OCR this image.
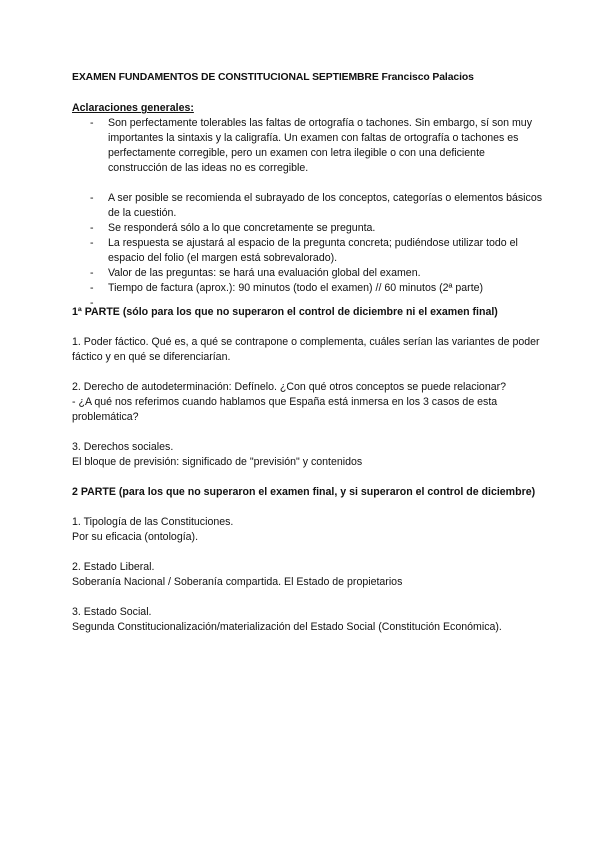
EXAMEN FUNDAMENTOS DE CONSTITUCIONAL SEPTIEMBRE Francisco Palacios

Aclaraciones generales:

- Son perfectamente tolerables las faltas de ortografía o tachones. Sin embargo, sí son muy importantes la sintaxis y la caligrafía. Un examen con faltas de ortografía o tachones es perfectamente corregible, pero un examen con letra ilegible o con una deficiente construcción de las ideas no es corregible.
- A ser posible se recomienda el subrayado de los conceptos, categorías o elementos básicos de la cuestión.
- Se responderá sólo a lo que concretamente se pregunta.
- La respuesta se ajustará al espacio de la pregunta concreta; pudiéndose utilizar todo el espacio del folio (el margen está sobrevalorado).
- Valor de las preguntas: se hará una evaluación global del examen.
- Tiempo de factura (aprox.): 90 minutos (todo el examen) // 60 minutos (2ª parte)
-

1ª PARTE (sólo para los que no superaron el control de diciembre ni el examen final)

1. Poder fáctico. Qué es, a qué se contrapone o complementa, cuáles serían las variantes de poder fáctico y en qué se diferenciarían.

2. Derecho de autodeterminación: Defínelo. ¿Con qué otros conceptos se puede relacionar?

- ¿A qué nos referimos cuando hablamos que España está inmersa en los 3 casos de esta problemática?

3. Derechos sociales.

El bloque de previsión: significado de "previsión" y contenidos

2 PARTE (para los que no superaron el examen final, y si superaron el control de diciembre)

1. Tipología de las Constituciones.

Por su eficacia (ontología).

2. Estado Liberal.

Soberanía Nacional / Soberanía compartida. El Estado de propietarios

3. Estado Social.

Segunda Constitucionalización/materialización del Estado Social (Constitución Económica).
